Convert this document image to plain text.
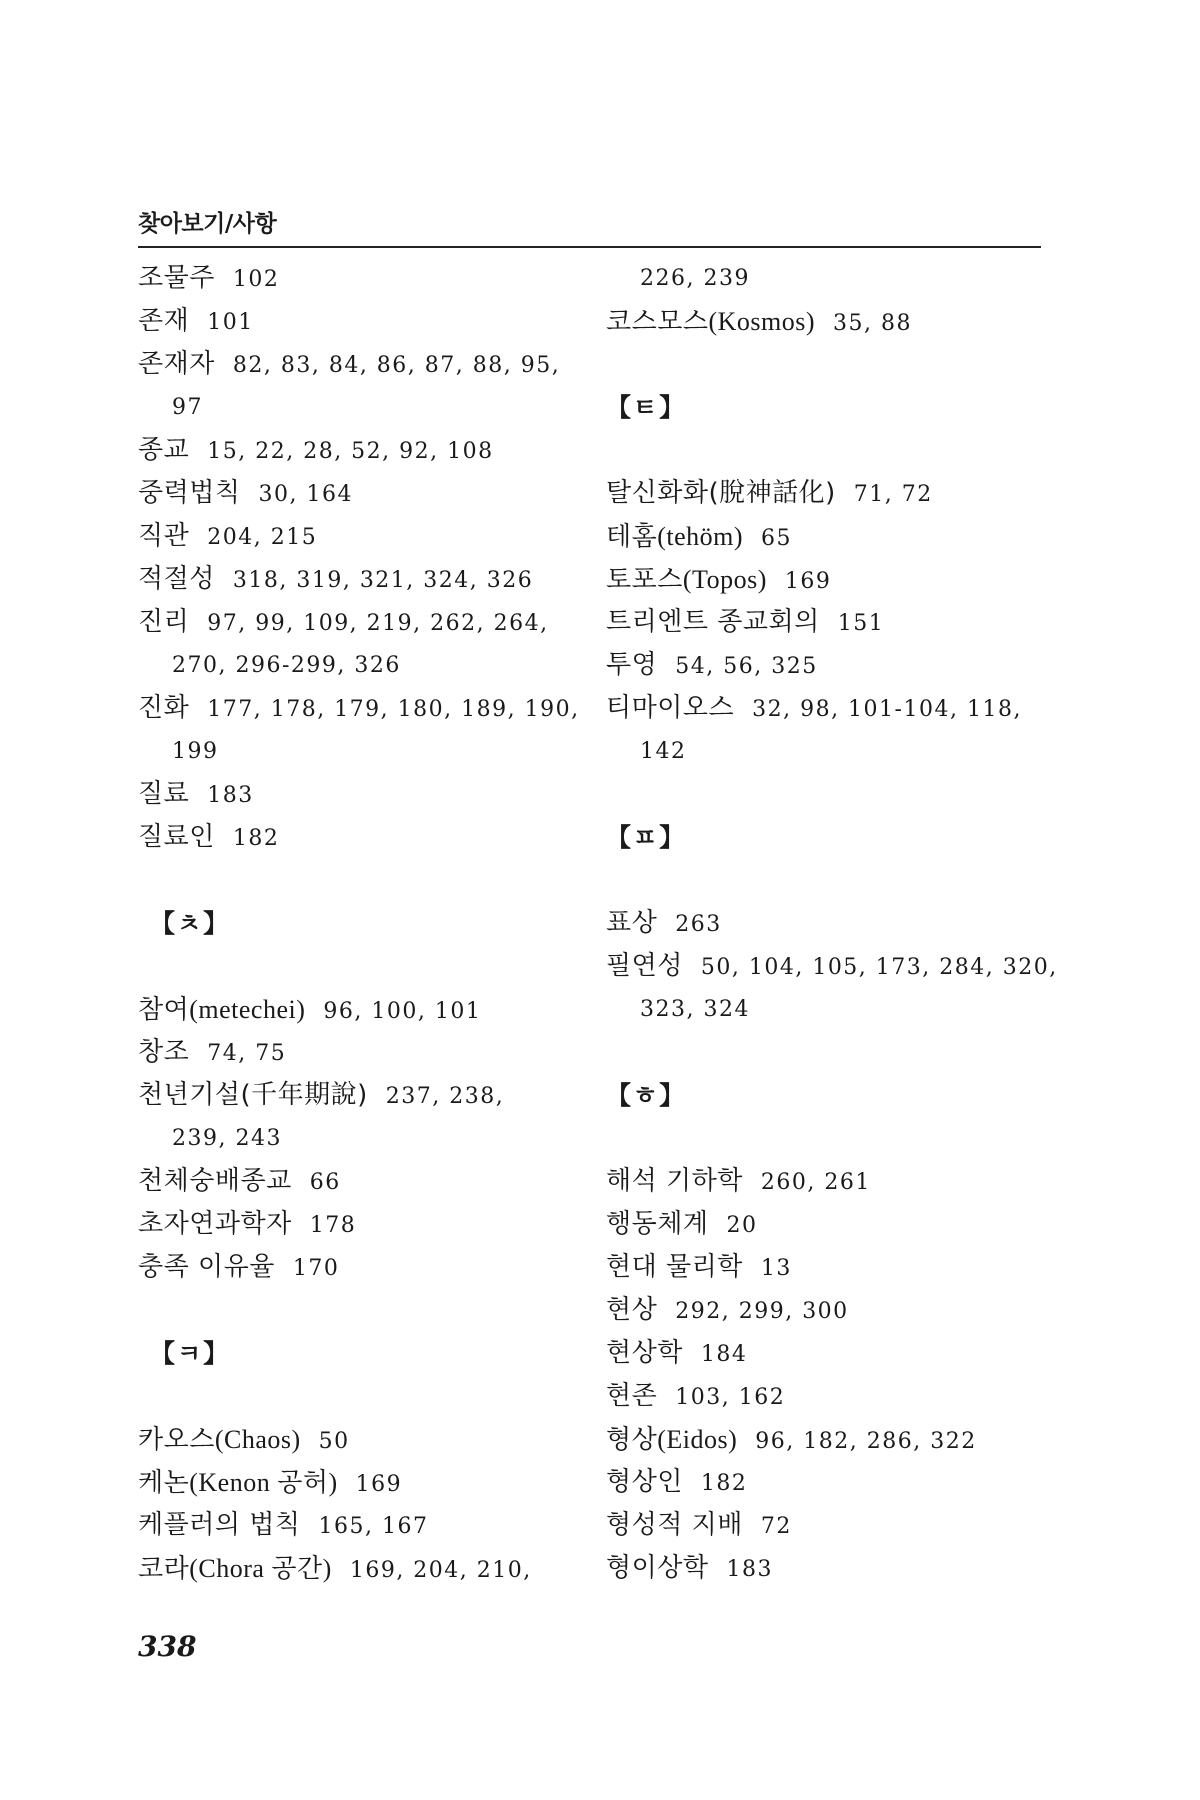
찾아보기/사항
조물주 102
존재 101
존재자 82, 83, 84, 86, 87, 88, 95,
97
종교 15, 22, 28, 52, 92, 108
중력법칙 30, 164
직관 204, 215
적절성 318, 319, 321, 324, 326
진리 97, 99, 109, 219, 262, 264,
270, 296-299, 326
진화 177, 178, 179, 180, 189, 190,
199
질료 183
질료인 182
【ㅊ】
참여(metechei) 96, 100, 101
창조 74, 75
천년기설(千年期說) 237, 238,
239, 243
천체숭배종교 66
초자연과학자 178
충족 이유율 170
【ㅋ】
카오스(Chaos) 50
케논(Kenon 공허) 169
케플러의 법칙 165, 167
코라(Chora 공간) 169, 204, 210,
226, 239
코스모스(Kosmos) 35, 88
【ㅌ】
탈신화화(脫神話化) 71, 72
테홈(tehöm) 65
토포스(Topos) 169
트리엔트 종교회의 151
투영 54, 56, 325
티마이오스 32, 98, 101-104, 118,
142
【ㅍ】
표상 263
필연성 50, 104, 105, 173, 284, 320,
323, 324
【ㅎ】
해석 기하학 260, 261
행동체계 20
현대 물리학 13
현상 292, 299, 300
현상학 184
현존 103, 162
형상(Eidos) 96, 182, 286, 322
형상인 182
형성적 지배 72
형이상학 183
338
